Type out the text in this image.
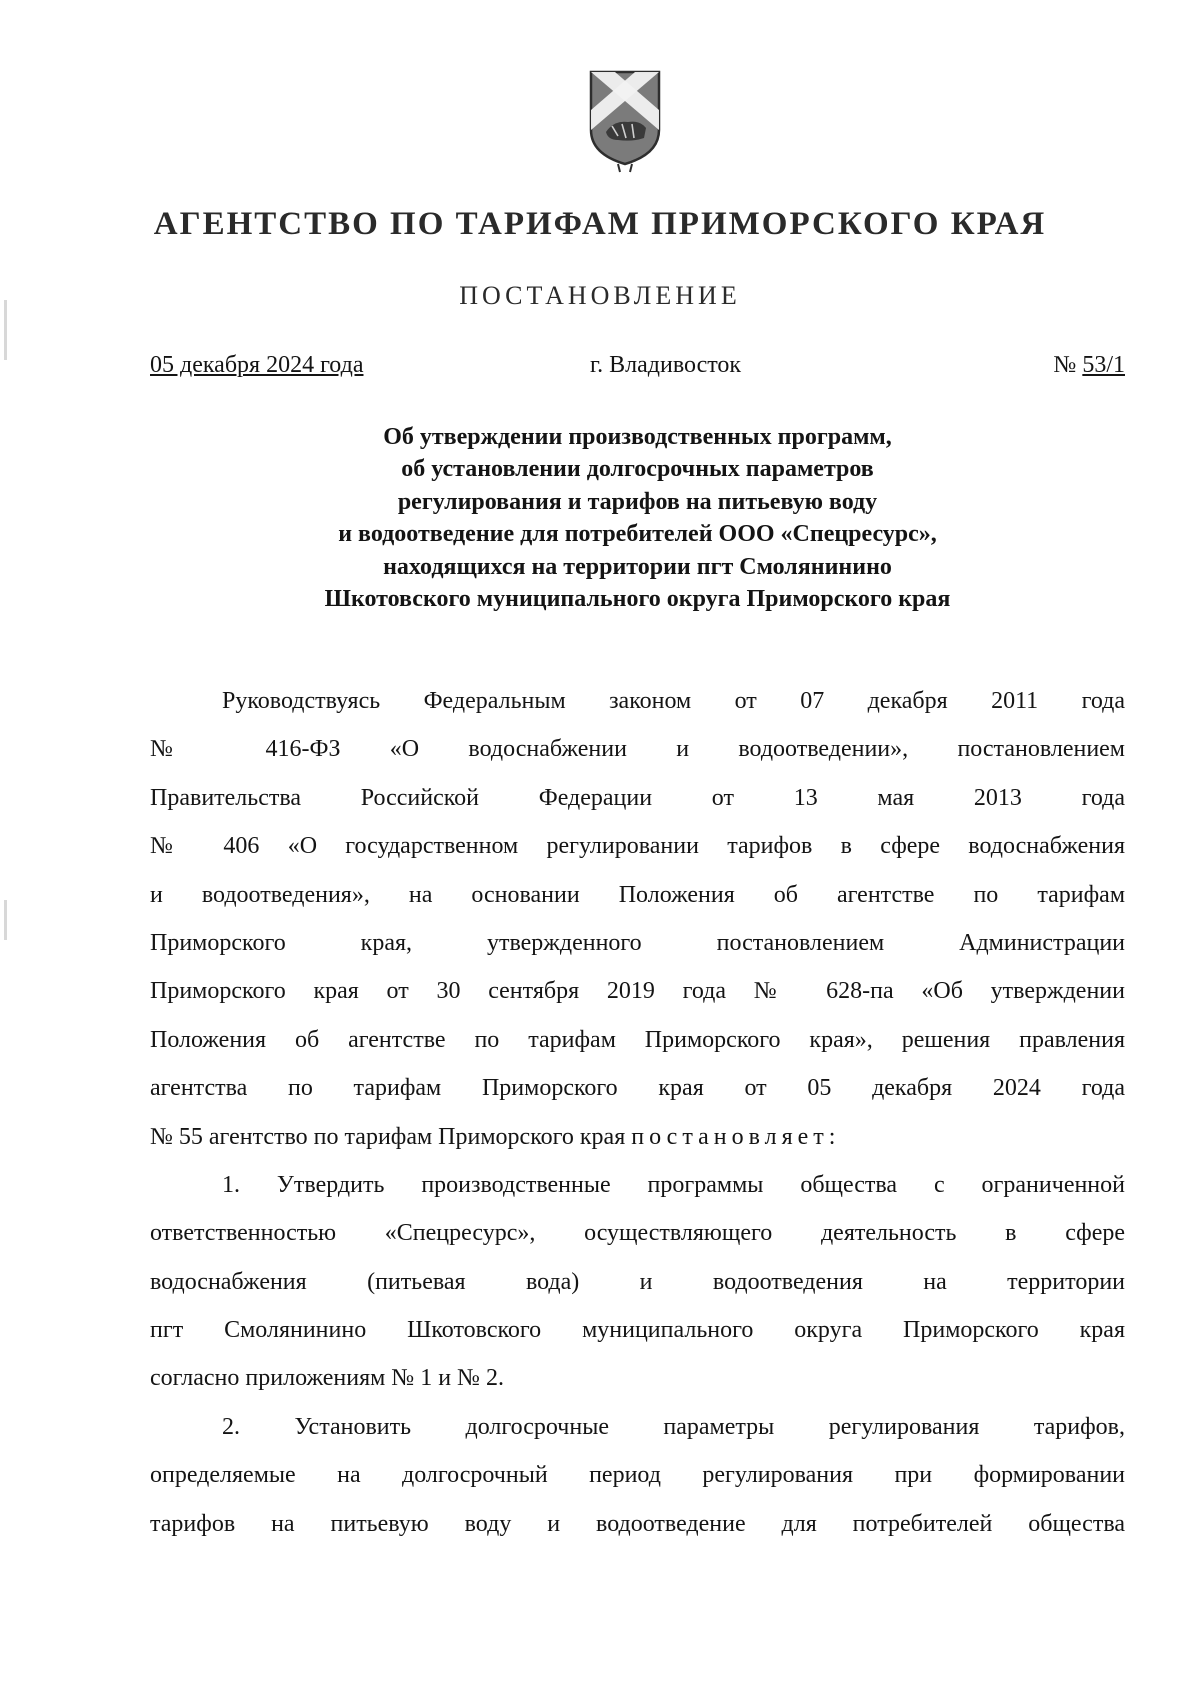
АГЕНТСТВО ПО ТАРИФАМ ПРИМОРСКОГО КРАЯ
ПОСТАНОВЛЕНИЕ
05 декабря 2024 года	г. Владивосток	№ 53/1
Об утверждении производственных программ,
об установлении долгосрочных параметров
регулирования и тарифов на питьевую воду
и водоотведение для потребителей ООО «Спецресурс»,
находящихся на территории пгт Смолянинино
Шкотовского муниципального округа Приморского края
Руководствуясь Федеральным законом от 07 декабря 2011 года
№ 416-ФЗ «О водоснабжении и водоотведении», постановлением
Правительства Российской Федерации от 13 мая 2013 года
№ 406 «О государственном регулировании тарифов в сфере водоснабжения
и водоотведения», на основании Положения об агентстве по тарифам
Приморского края, утвержденного постановлением Администрации
Приморского края от 30 сентября 2019 года № 628-па «Об утверждении
Положения об агентстве по тарифам Приморского края», решения правления
агентства по тарифам Приморского края от 05 декабря 2024 года
№ 55 агентство по тарифам Приморского края постановляет:
1. Утвердить производственные программы общества с ограниченной
ответственностью «Спецресурс», осуществляющего деятельность в сфере
водоснабжения (питьевая вода) и водоотведения на территории
пгт Смолянинино Шкотовского муниципального округа Приморского края
согласно приложениям № 1 и № 2.
2. Установить долгосрочные параметры регулирования тарифов,
определяемые на долгосрочный период регулирования при формировании
тарифов на питьевую воду и водоотведение для потребителей общества
